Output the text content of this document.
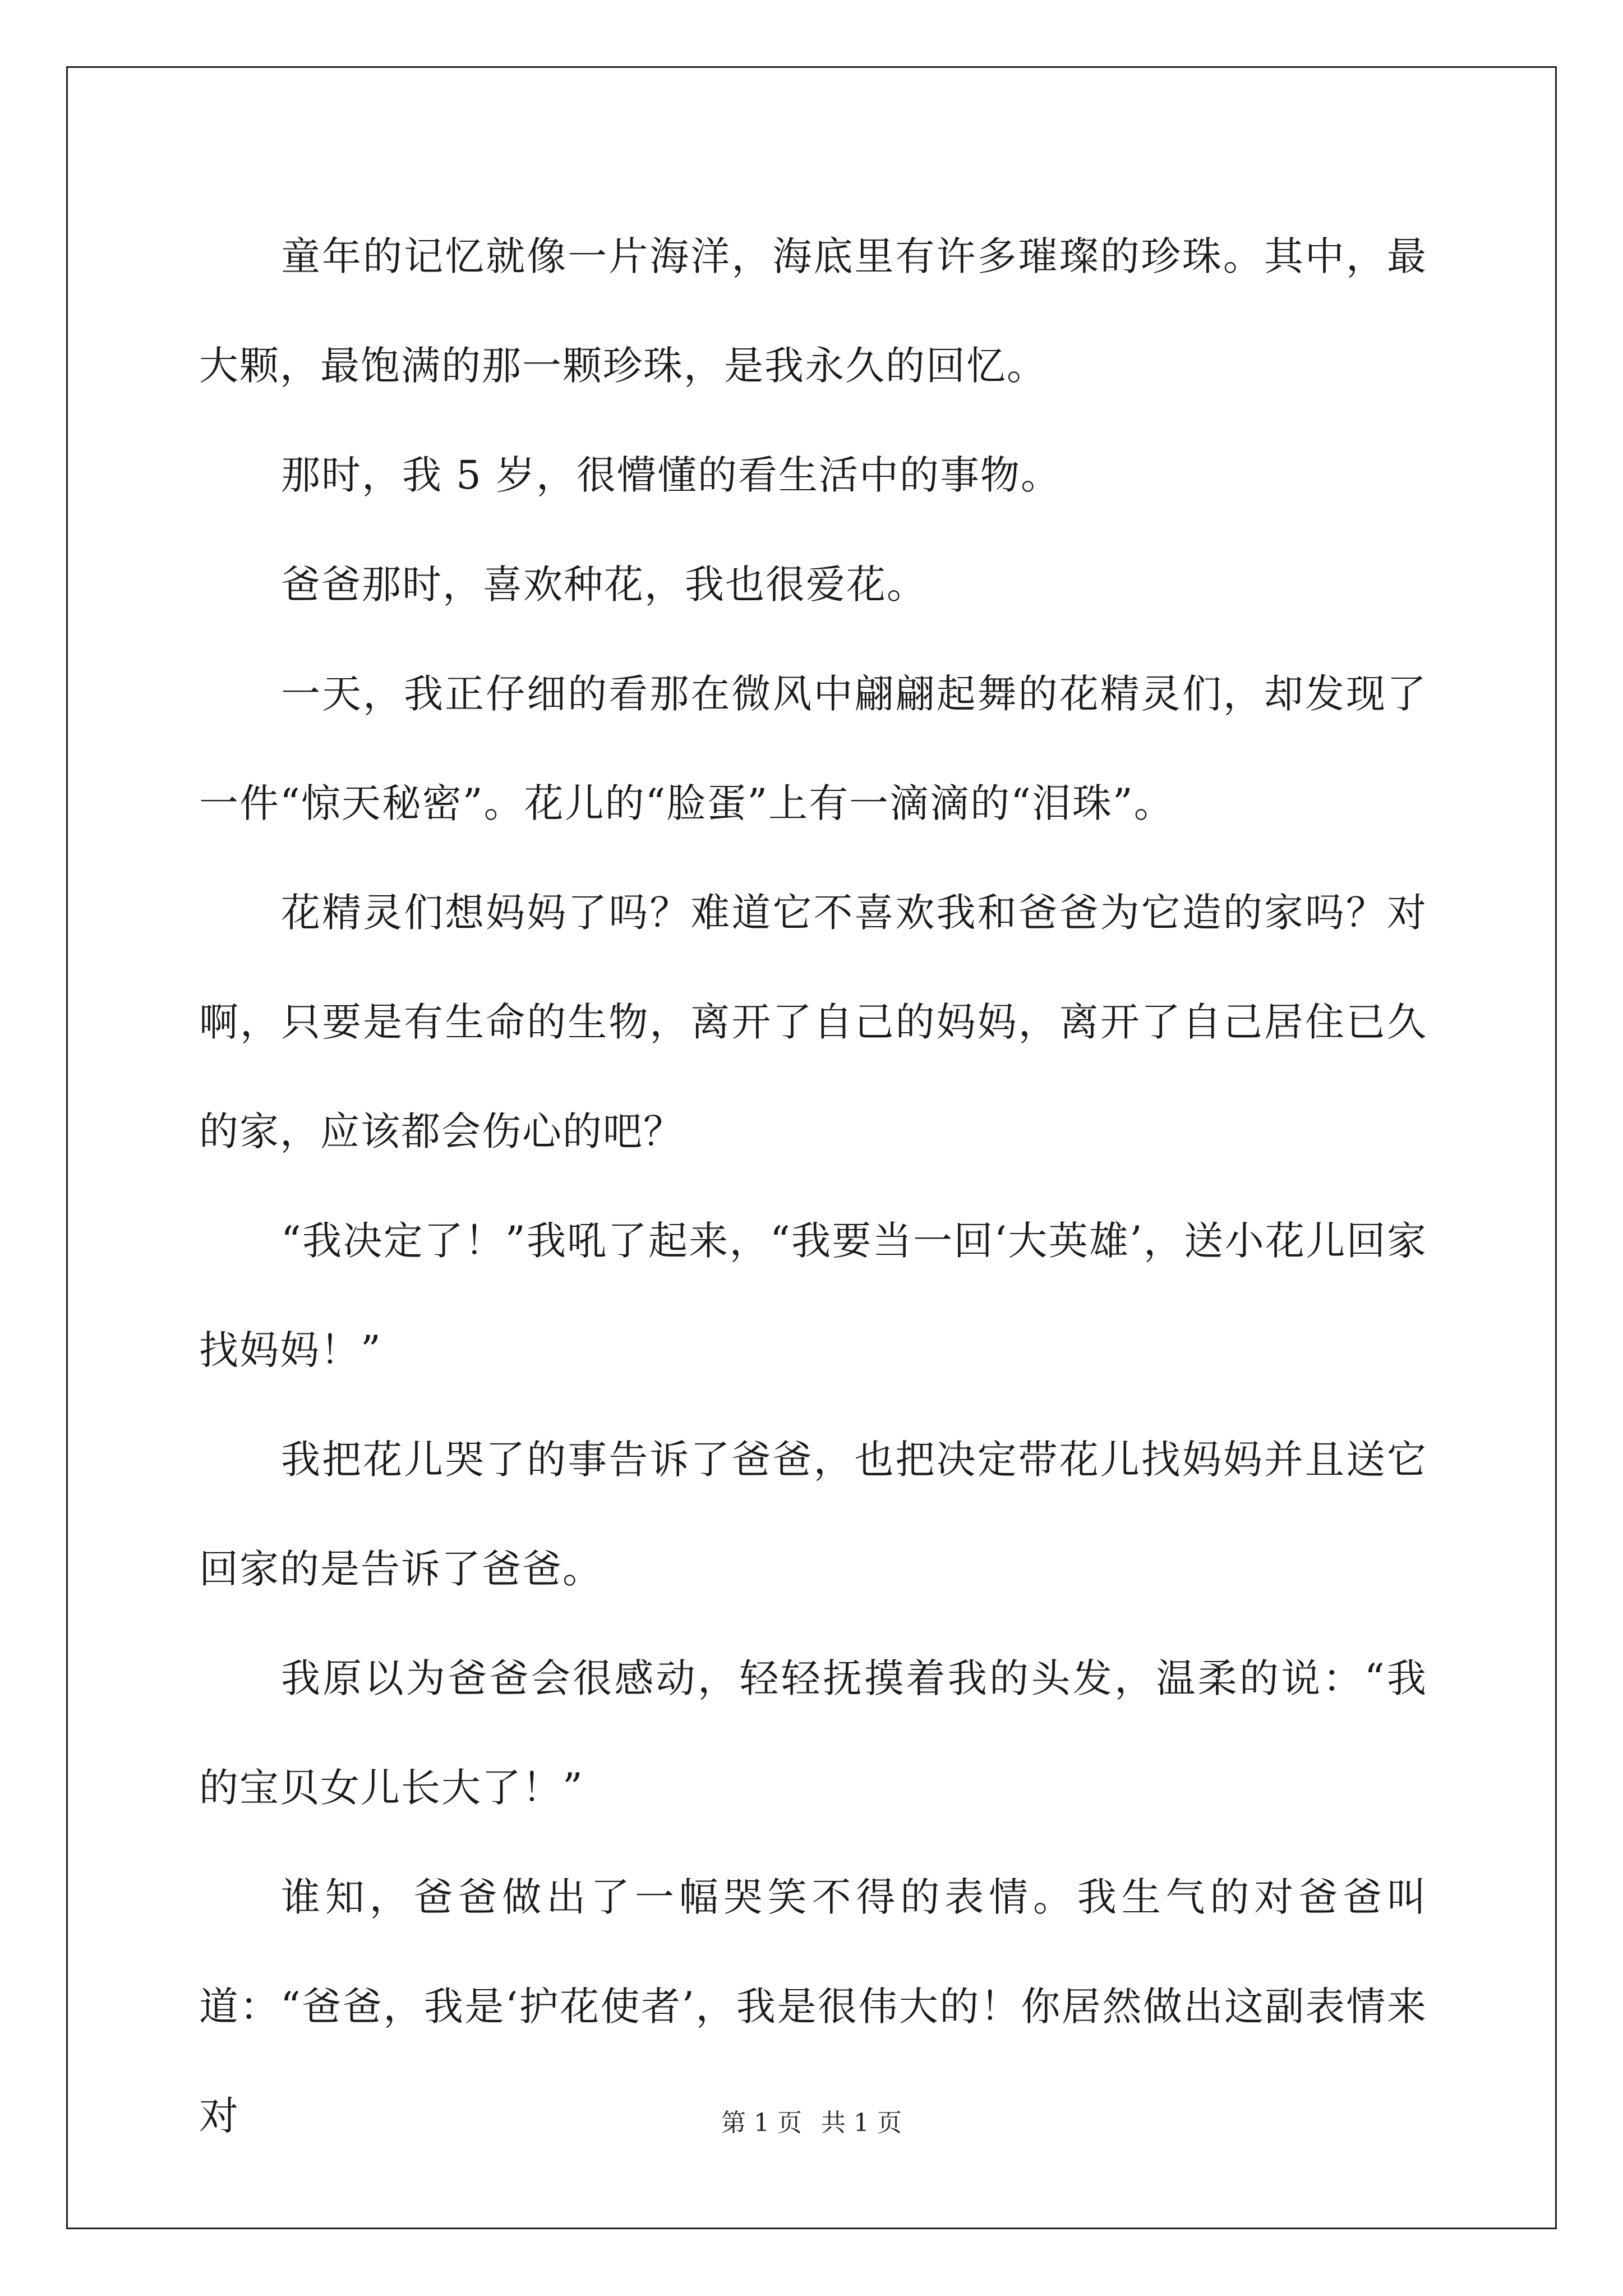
童年的记忆就像一片海洋，海底里有许多璀璨的珍珠。其中，最大颗，最饱满的那一颗珍珠，是我永久的回忆。

那时，我 5 岁，很懵懂的看生活中的事物。

爸爸那时，喜欢种花，我也很爱花。

一天，我正仔细的看那在微风中翩翩起舞的花精灵们，却发现了一件“惊天秘密”。花儿的“脸蛋”上有一滴滴的“泪珠”。

花精灵们想妈妈了吗？难道它不喜欢我和爸爸为它造的家吗？对啊，只要是有生命的生物，离开了自己的妈妈，离开了自己居住已久的家，应该都会伤心的吧？

“我决定了！”我吼了起来，“我要当一回‘大英雄’，送小花儿回家找妈妈！”

我把花儿哭了的事告诉了爸爸，也把决定带花儿找妈妈并且送它回家的是告诉了爸爸。

我原以为爸爸会很感动，轻轻抚摸着我的头发，温柔的说：“我的宝贝女儿长大了！”

谁知，爸爸做出了一幅哭笑不得的表情。我生气的对爸爸叫道：“爸爸，我是‘护花使者’，我是很伟大的！你居然做出这副表情来对	第 1 页 共 1 页
